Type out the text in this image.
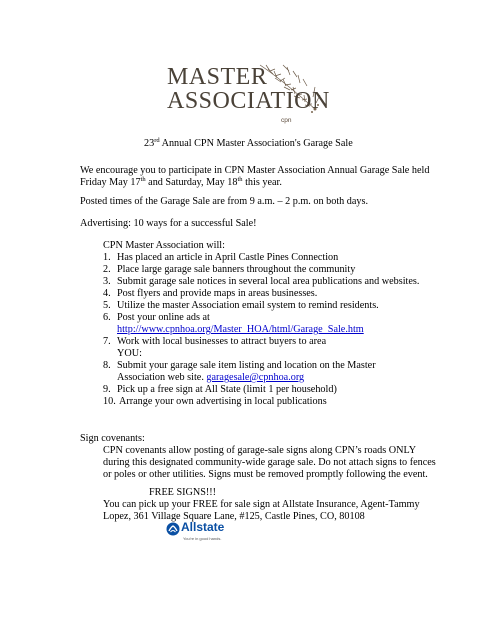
MASTER
ASSOCIATION
cpn
23rd Annual CPN Master Association's Garage Sale
We encourage you to participate in CPN Master Association Annual Garage Sale held
Friday May 17th and Saturday, May 18th this year.
Posted times of the Garage Sale are from 9 a.m. – 2 p.m. on both days.
Advertising: 10 ways for a successful Sale!
CPN Master Association will:
1. Has placed an article in April Castle Pines Connection
2. Place large garage sale banners throughout the community
3. Submit garage sale notices in several local area publications and websites.
4. Post flyers and provide maps in areas businesses.
5. Utilize the master Association email system to remind residents.
6. Post your online ads at
http://www.cpnhoa.org/Master_HOA/html/Garage_Sale.htm
7. Work with local businesses to attract buyers to area
YOU:
8. Submit your garage sale item listing and location on the Master
Association web site. garagesale@cpnhoa.org
9. Pick up a free sign at All State (limit 1 per household)
10. Arrange your own advertising in local publications
Sign covenants:
CPN covenants allow posting of garage-sale signs along CPN’s roads ONLY
during this designated community-wide garage sale. Do not attach signs to fences
or poles or other utilities. Signs must be removed promptly following the event.
FREE SIGNS!!!
You can pick up your FREE for sale sign at Allstate Insurance, Agent-Tammy
Lopez, 361 Village Square Lane, #125, Castle Pines, CO, 80108
Allstate
You're in good hands.
